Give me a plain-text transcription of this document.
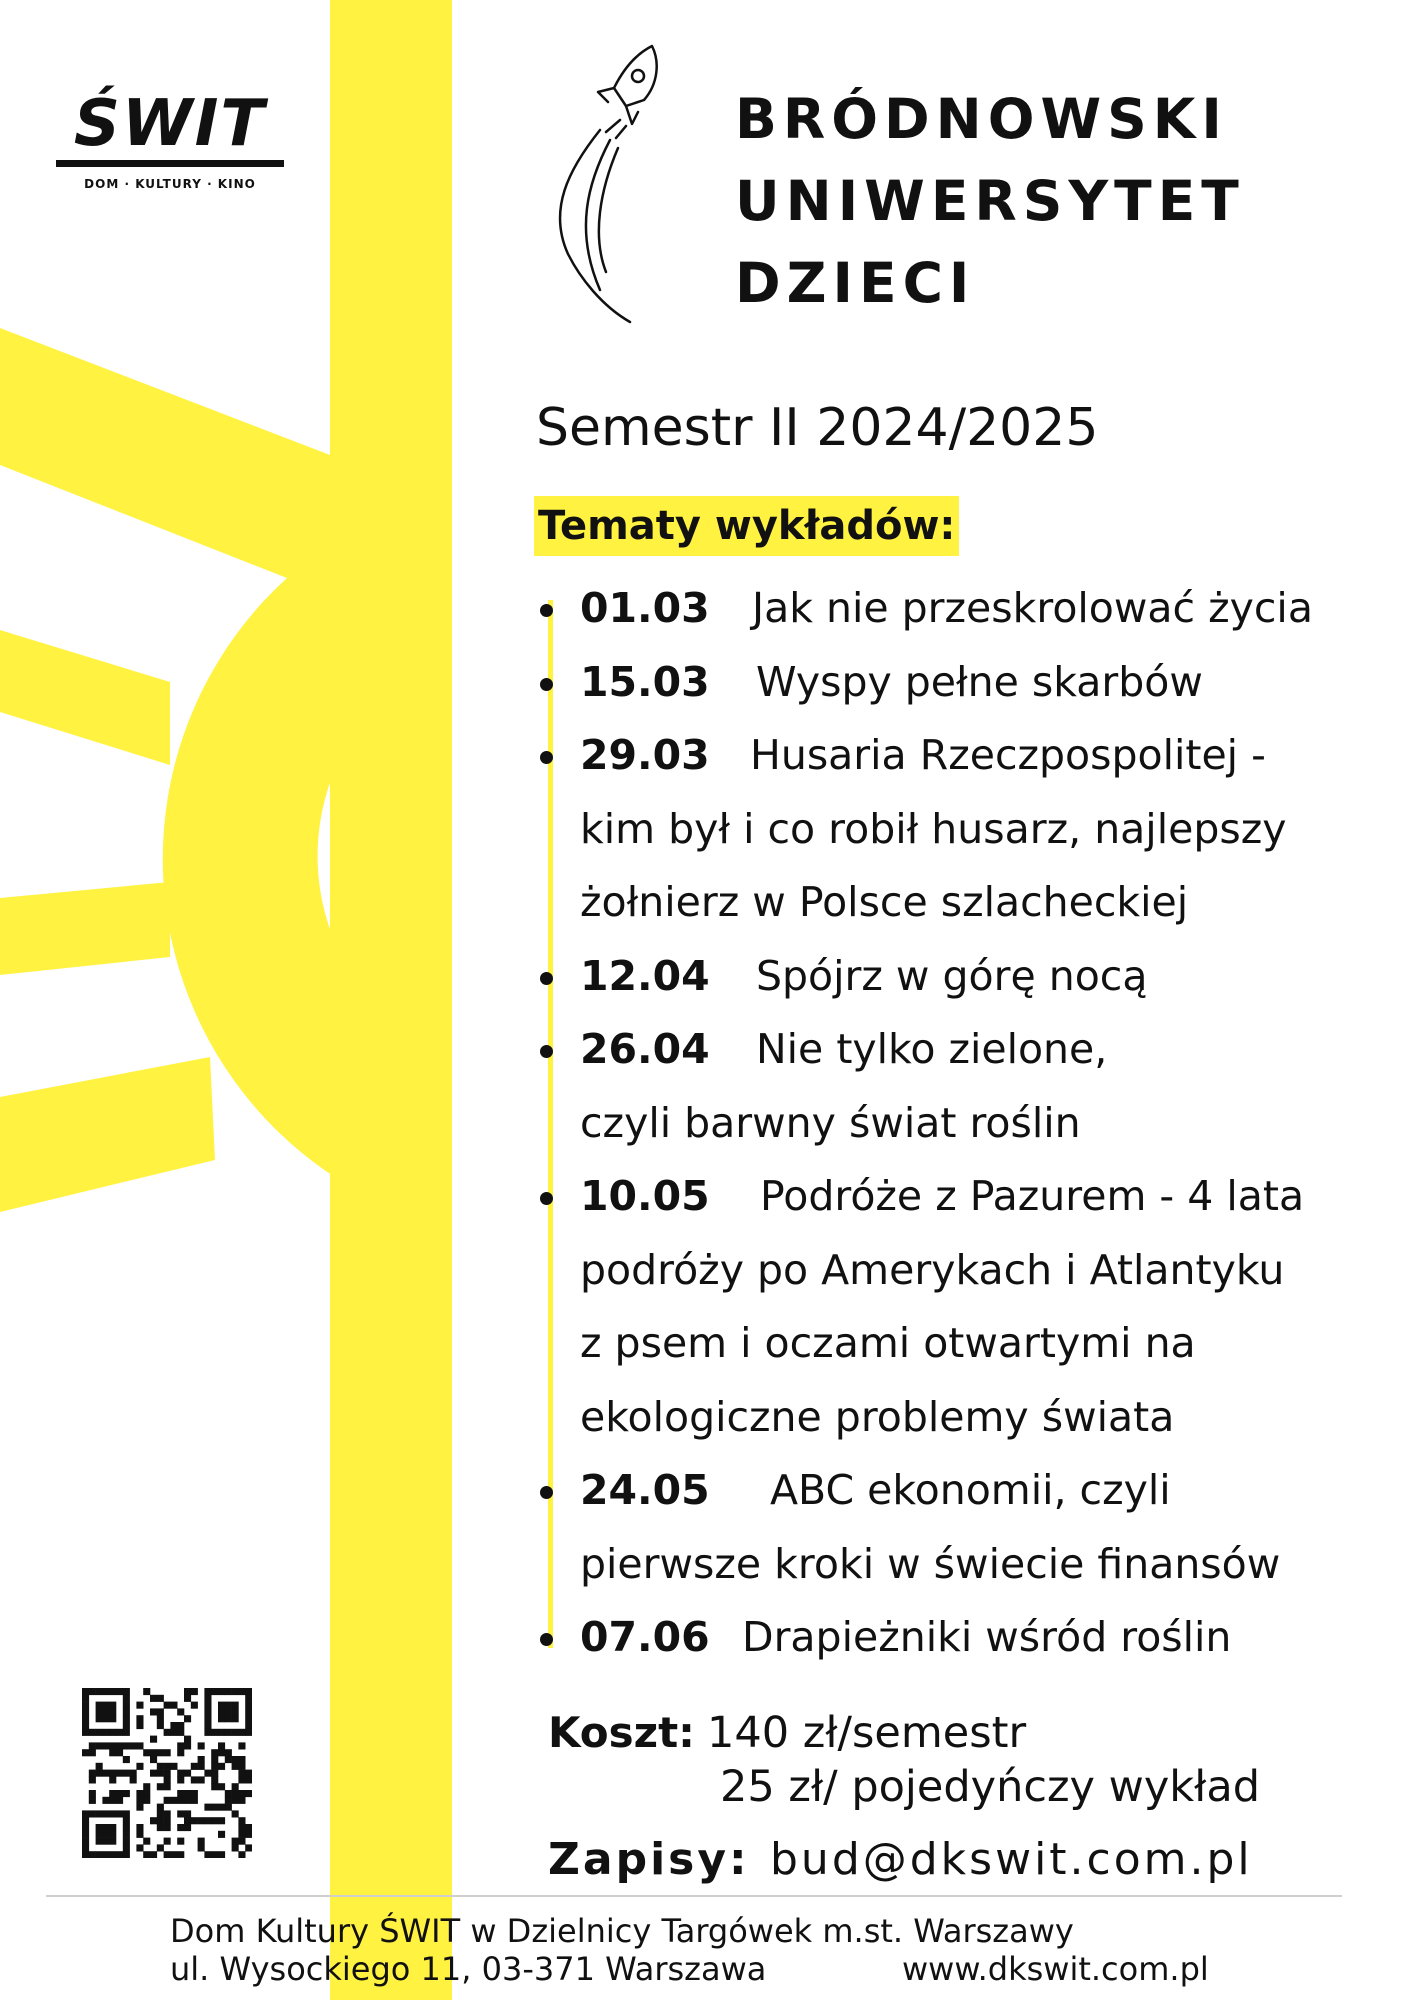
ŚWIT
DOM · KULTURY · KINO
BRÓDNOWSKI
UNIWERSYTET
DZIECI
Semestr II 2024/2025
Tematy wykładów:
01.03 Jak nie przeskrolować życia
15.03 Wyspy pełne skarbów
29.03 Husaria Rzeczpospolitej -
kim był i co robił husarz, najlepszy
żołnierz w Polsce szlacheckiej
12.04 Spójrz w górę nocą
26.04 Nie tylko zielone,
czyli barwny świat roślin
10.05 Podróże z Pazurem - 4 lata
podróży po Amerykach i Atlantyku
z psem i oczami otwartymi na
ekologiczne problemy świata
24.05 ABC ekonomii, czyli
pierwsze kroki w świecie finansów
07.06 Drapieżniki wśród roślin
Koszt: 140 zł/semestr
25 zł/ pojedyńczy wykład
Zapisy: bud@dkswit.com.pl
Dom Kultury ŚWIT w Dzielnicy Targówek m.st. Warszawy
ul. Wysockiego 11, 03-371 Warszawa	www.dkswit.com.pl
